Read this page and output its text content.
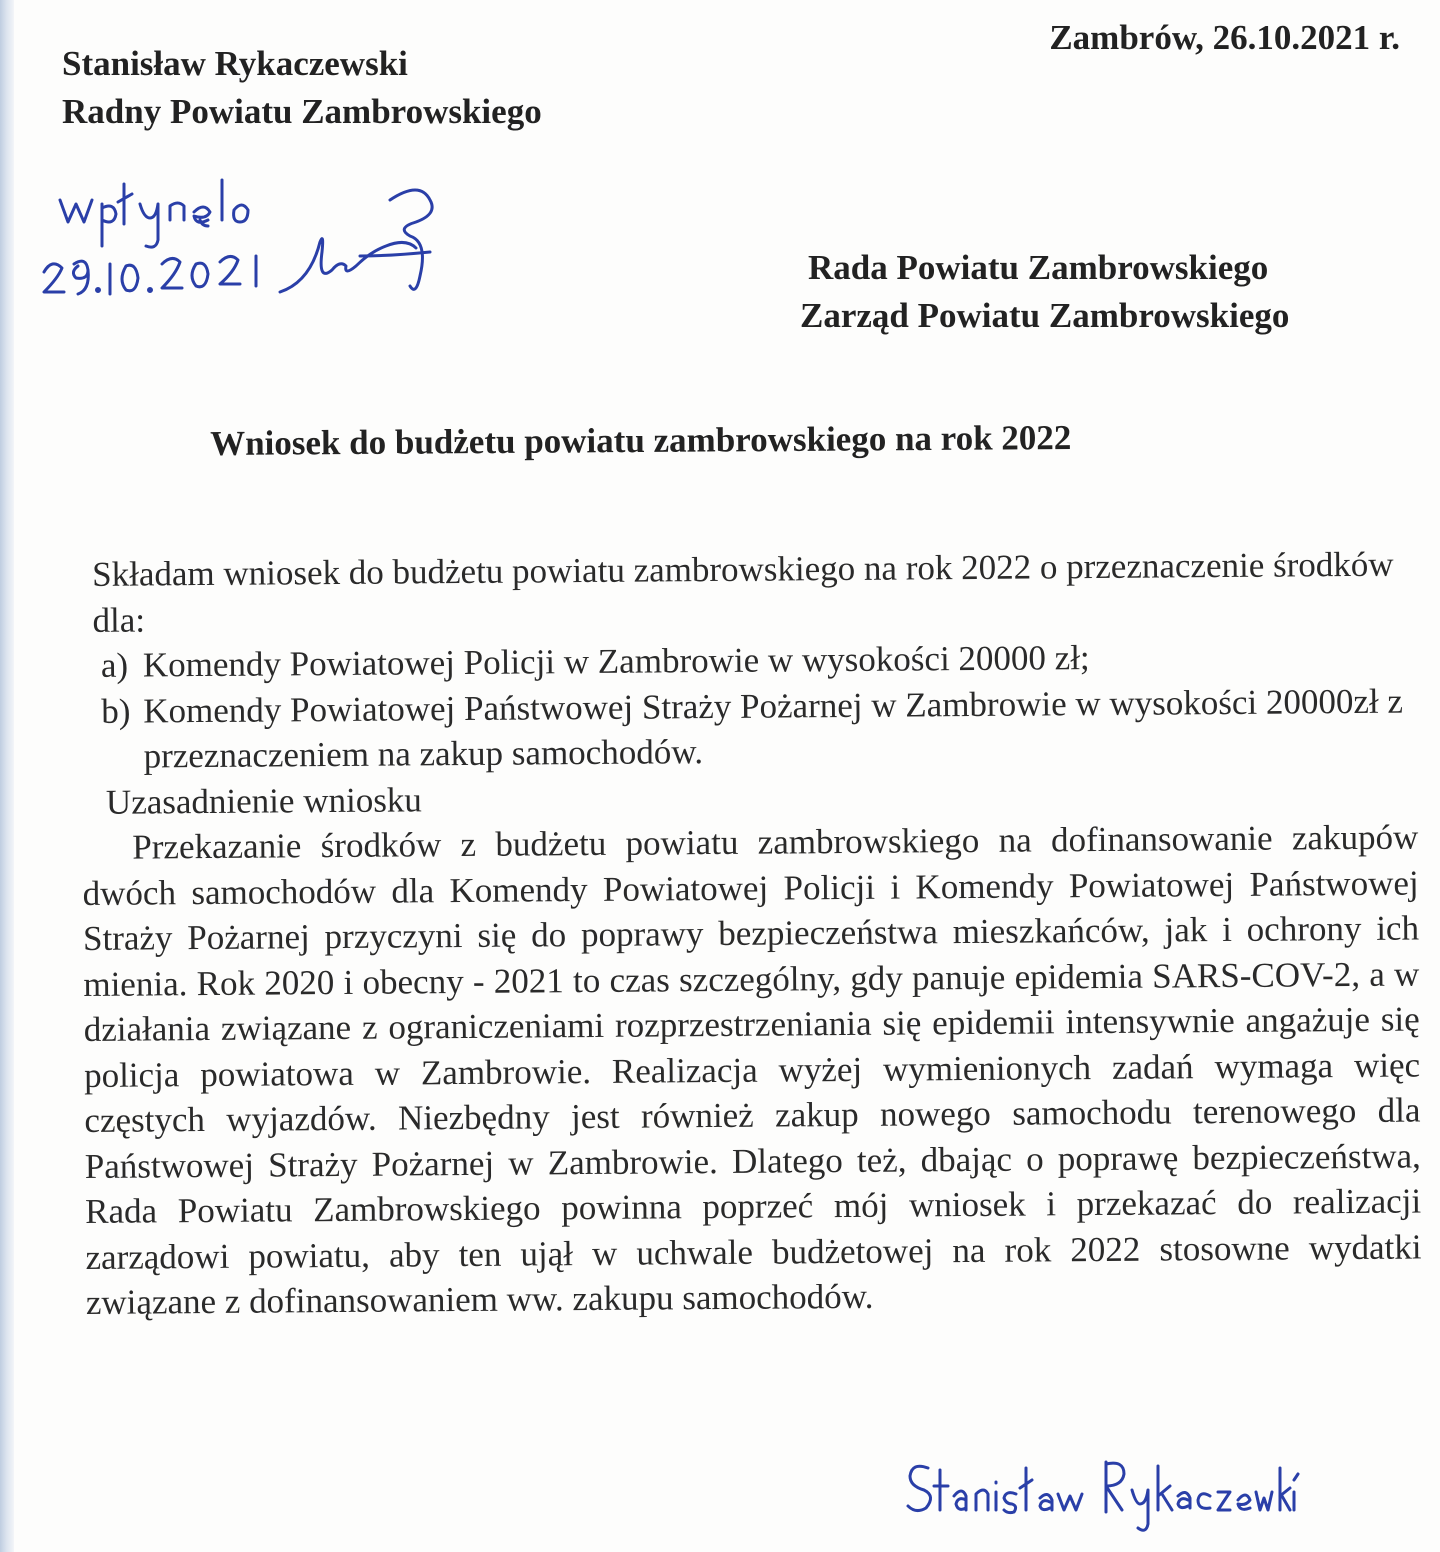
Stanisław Rykaczewski
Radny Powiatu Zambrowskiego
Zambrów, 26.10.2021 r.
Rada Powiatu Zambrowskiego
Zarząd Powiatu Zambrowskiego
Wniosek do budżetu powiatu zambrowskiego na rok 2022

Składam wniosek do budżetu powiatu zambrowskiego na rok 2022 o przeznaczenie środków dla:

a) Komendy Powiatowej Policji w Zambrowie w wysokości 20000 zł;
b) Komendy Powiatowej Państwowej Straży Pożarnej w Zambrowie w wysokości 20000zł z przeznaczeniem na zakup samochodów.

Uzasadnienie wniosku

Przekazanie środków z budżetu powiatu zambrowskiego na dofinansowanie zakupów dwóch samochodów dla Komendy Powiatowej Policji i Komendy Powiatowej Państwowej Straży Pożarnej przyczyni się do poprawy bezpieczeństwa mieszkańców, jak i ochrony ich mienia. Rok 2020 i obecny - 2021 to czas szczególny, gdy panuje epidemia SARS-COV-2, a w działania związane z ograniczeniami rozprzestrzeniania się epidemii intensywnie angażuje się policja powiatowa w Zambrowie. Realizacja wyżej wymienionych zadań wymaga więc częstych wyjazdów. Niezbędny jest również zakup nowego samochodu terenowego dla Państwowej Straży Pożarnej w Zambrowie. Dlatego też, dbając o poprawę bezpieczeństwa, Rada Powiatu Zambrowskiego powinna poprzeć mój wniosek i przekazać do realizacji zarządowi powiatu, aby ten ujął w uchwale budżetowej na rok 2022 stosowne wydatki związane z dofinansowaniem ww. zakupu samochodów.
